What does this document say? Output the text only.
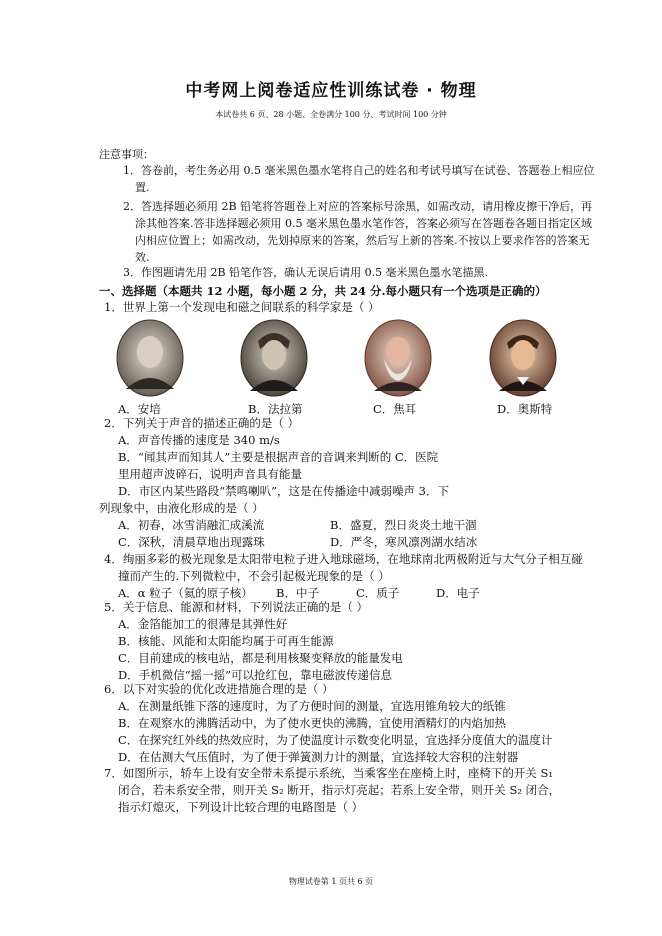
中考网上阅卷适应性训练试卷 · 物理
本试卷共 6 页、28 小题、全卷满分 100 分、考试时间 100 分钟
注意事项：
1．答卷前，考生务必用 0.5 毫米黑色墨水笔将自己的姓名和考试号填写在试卷、答题卷上相应位置.
2．答选择题必须用 2B 铅笔将答题卷上对应的答案标号涂黑，如需改动，请用橡皮擦干净后，再涂其他答案.答非选择题必须用 0.5 毫米黑色墨水笔作答，答案必须写在答题卷各题目指定区域内相应位置上；如需改动，先划掉原来的答案，然后写上新的答案.不按以上要求作答的答案无效.
3．作图题请先用 2B 铅笔作答，确认无误后请用 0.5 毫米黑色墨水笔描黑.
一、选择题（本题共 12 小题，每小题 2 分，共 24 分.每小题只有一个选项是正确的）
1．世界上第一个发现电和磁之间联系的科学家是（ ）
A．安培	B．法拉第	C．焦耳	D．奥斯特
2．下列关于声音的描述正确的是（ ）
A．声音传播的速度是 340 m/s
B．“闻其声而知其人”主要是根据声音的音调来判断的 C．医院
里用超声波碎石，说明声音具有能量
D．市区内某些路段“禁鸣喇叭”，这是在传播途中减弱噪声 3．下
列现象中，由液化形成的是（ ）
A．初春，冰雪消融汇成溪流	B．盛夏，烈日炎炎土地干涸
C．深秋，清晨草地出现露珠	D．严冬，寒风凛冽湖水结冰
4．绚丽多彩的极光现象是太阳带电粒子进入地球磁场，在地球南北两极附近与大气分子相互碰
撞而产生的.下列微粒中，不会引起极光现象的是（ ）
A．α 粒子（氦的原子核） B．中子	C．质子	D．电子
5．关于信息、能源和材料，下列说法正确的是（ ）
A．金箔能加工的很薄是其弹性好
B．核能、风能和太阳能均属于可再生能源
C．目前建成的核电站，都是利用核聚变释放的能量发电
D．手机微信“摇一摇”可以抢红包，靠电磁波传递信息
6．以下对实验的优化改进措施合理的是（ ）
A．在测量纸锥下落的速度时，为了方便时间的测量，宜选用锥角较大的纸锥
B．在观察水的沸腾活动中，为了使水更快的沸腾，宜使用酒精灯的内焰加热
C．在探究红外线的热效应时，为了使温度计示数变化明显，宜选择分度值大的温度计
D．在估测大气压值时，为了便于弹簧测力计的测量，宜选择较大容积的注射器
7．如图所示，轿车上设有安全带未系提示系统，当乘客坐在座椅上时，座椅下的开关 S₁
闭合，若未系安全带，则开关 S₂ 断开，指示灯亮起；若系上安全带，则开关 S₂ 闭合，
指示灯熄灭，下列设计比较合理的电路图是（ ）
物理试卷第 1 页共 6 页
